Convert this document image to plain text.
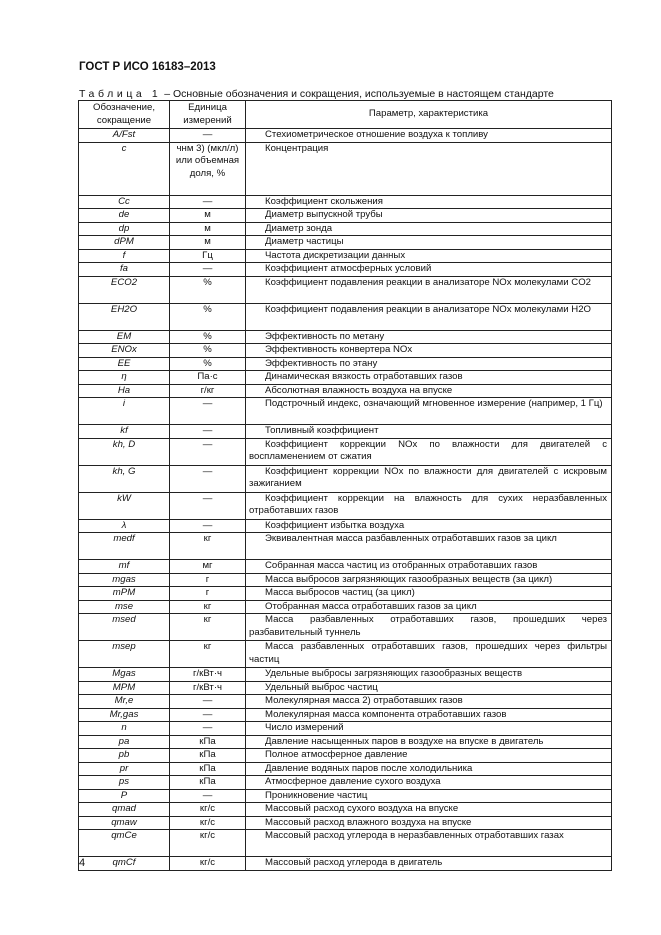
ГОСТ Р ИСО 16183–2013
Таблица 1 – Основные обозначения и сокращения, используемые в настоящем стандарте
Обозначение, сокращение	Единица измерений	Параметр, характеристика
A/Fst	—	Стехиометрическое отношение воздуха к топливу

c	чнм 3) (мкл/л) или объемная доля, %	Концентрация

Cc	—	Коэффициент скольжения

de	м	Диаметр выпускной трубы

dp	м	Диаметр зонда

dPM	м	Диаметр частицы

f	Гц	Частота дискретизации данных

fa	—	Коэффициент атмосферных условий

ECO2	%	Коэффициент подавления реакции в анализаторе NOx молекулами CO2

EH2O	%	Коэффициент подавления реакции в анализаторе NOx молекулами H2O

EM	%	Эффективность по метану

ENOx	%	Эффективность конвертера NOx

EE	%	Эффективность по этану

η	Па·с	Динамическая вязкость отработавших газов

Ha	г/кг	Абсолютная влажность воздуха на впуске

i	—	Подстрочный индекс, означающий мгновенное измерение (например, 1 Гц)

kf	—	Топливный коэффициент

kh, D	—	Коэффициент коррекции NOx по влажности для двигателей с воспламенением от сжатия

kh, G	—	Коэффициент коррекции NOx по влажности для двигателей с искровым зажиганием

kW	—	Коэффициент коррекции на влажность для сухих неразбавленных отработавших газов

λ	—	Коэффициент избытка воздуха

medf	кг	Эквивалентная масса разбавленных отработавших газов за цикл

mf	мг	Собранная масса частиц из отобранных отработавших газов

mgas	г	Масса выбросов загрязняющих газообразных веществ (за цикл)

mPM	г	Масса выбросов частиц (за цикл)

mse	кг	Отобранная масса отработавших газов за цикл

msed	кг	Масса разбавленных отработавших газов, прошедших через разбавительный туннель

msep	кг	Масса разбавленных отработавших газов, прошедших через фильтры частиц

Mgas	г/кВт·ч	Удельные выбросы загрязняющих газообразных веществ

MPM	г/кВт·ч	Удельный выброс частиц

Mr,e	—	Молекулярная масса 2) отработавших газов

Mr,gas	—	Молекулярная масса компонента отработавших газов

n	—	Число измерений

pa	кПа	Давление насыщенных паров в воздухе на впуске в двигатель

pb	кПа	Полное атмосферное давление

pr	кПа	Давление водяных паров после холодильника

ps	кПа	Атмосферное давление сухого воздуха

P	—	Проникновение частиц

qmad	кг/с	Массовый расход сухого воздуха на впуске

qmaw	кг/с	Массовый расход влажного воздуха на впуске

qmCe	кг/с	Массовый расход углерода в неразбавленных отработавших газах

qmCf	кг/с	Массовый расход углерода в двигатель
4
